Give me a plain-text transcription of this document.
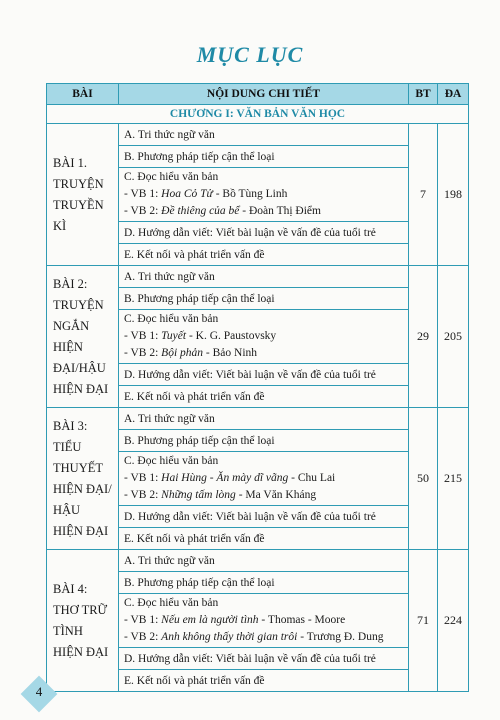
MỤC LỤC
BÀI	NỘI DUNG CHI TIẾT	BT	ĐA
CHƯƠNG I: VĂN BẢN VĂN HỌC			
BÀI 1. TRUYỆN TRUYỀN KÌ	A. Tri thức ngữ văn	7	198
	B. Phương pháp tiếp cận thể loại		

	C. Đọc hiểu văn bản
- VB 1: Hoa Cỏ Tử - Bồ Tùng Linh
- VB 2: Đề thiêng của bể - Đoàn Thị Điểm		

	D. Hướng dẫn viết: Viết bài luận về vấn đề của tuổi trẻ		
	E. Kết nối và phát triển vấn đề		
BÀI 2: TRUYỆN NGẮN HIỆN ĐẠI/HẬU HIỆN ĐẠI	A. Tri thức ngữ văn	29	205
	B. Phương pháp tiếp cận thể loại		

	C. Đọc hiểu văn bản
- VB 1: Tuyết - K. G. Paustovsky
- VB 2: Bội phản - Bảo Ninh		

	D. Hướng dẫn viết: Viết bài luận về vấn đề của tuổi trẻ		
	E. Kết nối và phát triển vấn đề		
BÀI 3: TIỂU THUYẾT HIỆN ĐẠI/ HẬU HIỆN ĐẠI	A. Tri thức ngữ văn	50	215
	B. Phương pháp tiếp cận thể loại		

	C. Đọc hiểu văn bản
- VB 1: Hai Hùng - Ăn mày dĩ vãng - Chu Lai
- VB 2: Những tấm lòng - Ma Văn Kháng		

	D. Hướng dẫn viết: Viết bài luận về vấn đề của tuổi trẻ		
	E. Kết nối và phát triển vấn đề		
BÀI 4: THƠ TRỮ TÌNH HIỆN ĐẠI	A. Tri thức ngữ văn	71	224
	B. Phương pháp tiếp cận thể loại		

	C. Đọc hiểu văn bản
- VB 1: Nếu em là người tình - Thomas - Moore
- VB 2: Anh không thấy thời gian trôi - Trương Đ. Dung		

	D. Hướng dẫn viết: Viết bài luận về vấn đề của tuổi trẻ		
	E. Kết nối và phát triển vấn đề		
4
